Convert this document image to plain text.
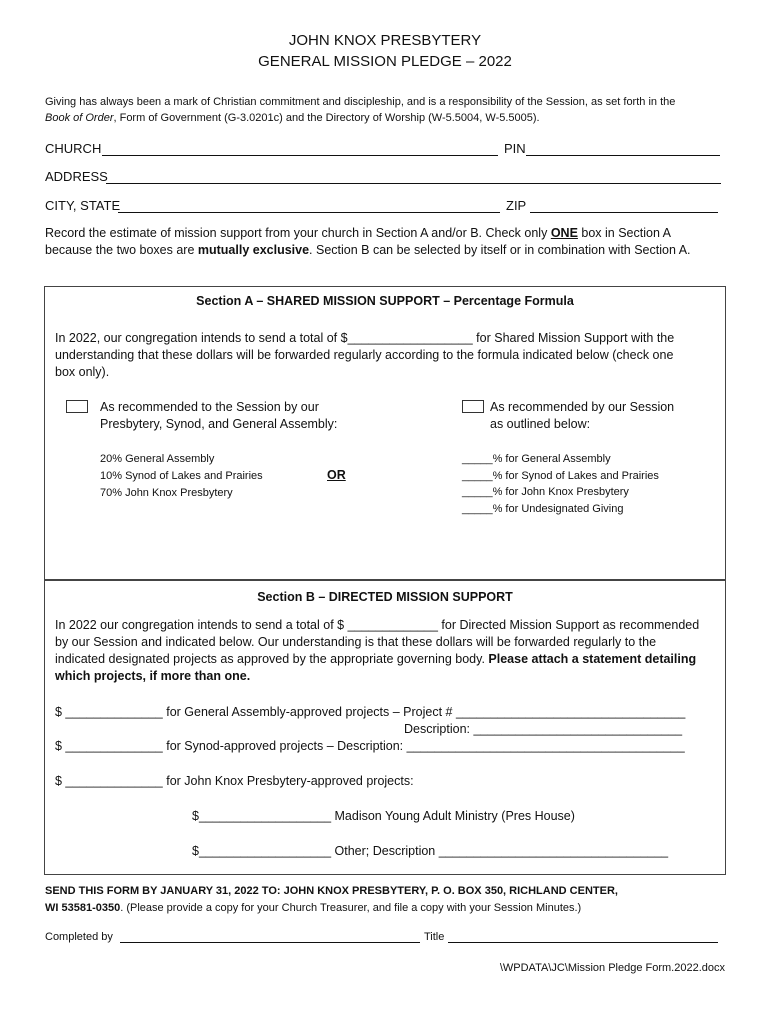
JOHN KNOX PRESBYTERY
GENERAL MISSION PLEDGE – 2022
Giving has always been a mark of Christian commitment and discipleship, and is a responsibility of the Session, as set forth in the
Book of Order, Form of Government (G-3.0201c) and the Directory of Worship (W-5.5004, W-5.5005).
CHURCH	PIN
ADDRESS
CITY, STATE	ZIP
Record the estimate of mission support from your church in Section A and/or B. Check only ONE box in Section A
because the two boxes are mutually exclusive. Section B can be selected by itself or in combination with Section A.
Section A – SHARED MISSION SUPPORT – Percentage Formula
In 2022, our congregation intends to send a total of $__________________ for Shared Mission Support with the
understanding that these dollars will be forwarded regularly according to the formula indicated below (check one
box only).
As recommended to the Session by our
Presbytery, Synod, and General Assembly:
As recommended by our Session
as outlined below:
20% General Assembly
10% Synod of Lakes and Prairies
70% John Knox Presbytery
OR
_____% for General Assembly
_____% for Synod of Lakes and Prairies
_____% for John Knox Presbytery
_____% for Undesignated Giving
Section B – DIRECTED MISSION SUPPORT
In 2022 our congregation intends to send a total of $ _____________ for Directed Mission Support as recommended
by our Session and indicated below. Our understanding is that these dollars will be forwarded regularly to the
indicated designated projects as approved by the appropriate governing body. Please attach a statement detailing
which projects, if more than one.
$ ______________ for General Assembly-approved projects – Project # _________________________________
Description: ______________________________
$ ______________ for Synod-approved projects – Description: ________________________________________
$ ______________ for John Knox Presbytery-approved projects:
$___________________ Madison Young Adult Ministry (Pres House)
$___________________ Other; Description _________________________________
SEND THIS FORM BY JANUARY 31, 2022 TO: JOHN KNOX PRESBYTERY, P. O. BOX 350, RICHLAND CENTER,
WI 53581-0350. (Please provide a copy for your Church Treasurer, and file a copy with your Session Minutes.)
Completed by	Title
\WPDATA\JC\Mission Pledge Form.2022.docx
